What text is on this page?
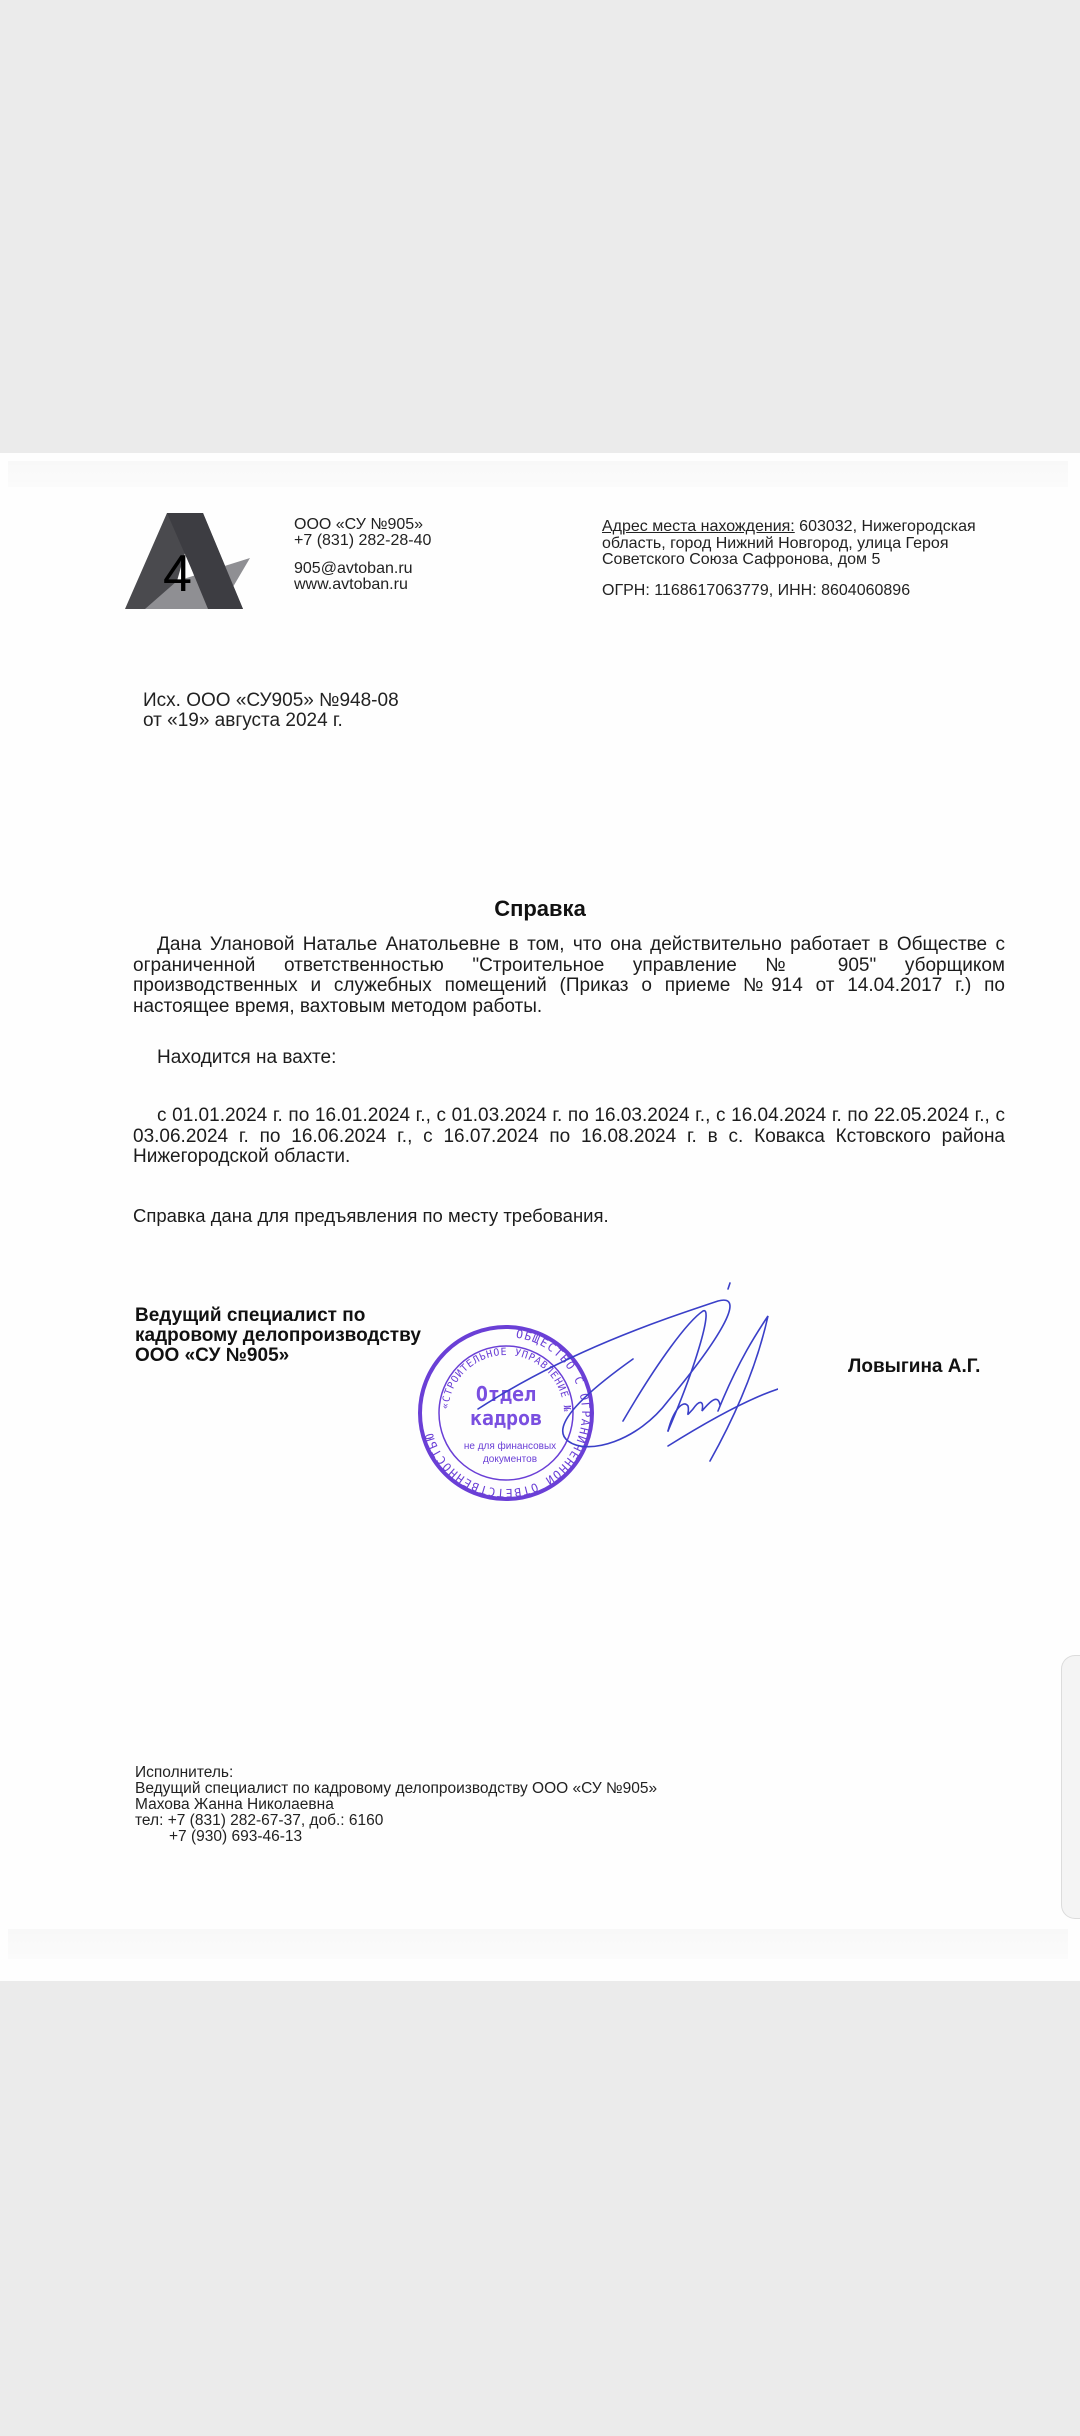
4
ООО «СУ №905»
+7 (831) 282-28-40
905@avtoban.ru
www.avtoban.ru
Адрес места нахождения: 603032, Нижегородская область, город Нижний Новгород, улица Героя Советского Союза Сафронова, дом 5
ОГРН: 1168617063779, ИНН: 8604060896
Исх. ООО «СУ905» №948-08
от «19» августа 2024 г.
Справка
Дана Улановой Наталье Анатольевне в том, что она действительно работает в Обществе с ограниченной ответственностью "Строительное управление № 905" уборщиком производственных и служебных помещений (Приказ о приеме №914 от 14.04.2017 г.) по настоящее время, вахтовым методом работы.
Находится на вахте:
с 01.01.2024 г. по 16.01.2024 г., с 01.03.2024 г. по 16.03.2024 г., с 16.04.2024 г. по 22.05.2024 г., с 03.06.2024 г. по 16.06.2024 г., с 16.07.2024 по 16.08.2024 г. в с. Ковакса Кстовского района Нижегородской области.
Справка дана для предъявления по месту требования.
Ведущий специалист по
кадровому делопроизводству
ООО «СУ №905»
Ловыгина А.Г.
ОБЩЕСТВО С ОГРАНИЧЕННОЙ ОТВЕТСТВЕННОСТЬЮ
«СТРОИТЕЛЬНОЕ УПРАВЛЕНИЕ №
Отдел
кадров
не для финансовых
документов
Исполнитель:
Ведущий специалист по кадровому делопроизводству ООО «СУ №905»
Махова Жанна Николаевна
тел: +7 (831) 282-67-37, доб.: 6160
+7 (930) 693-46-13
